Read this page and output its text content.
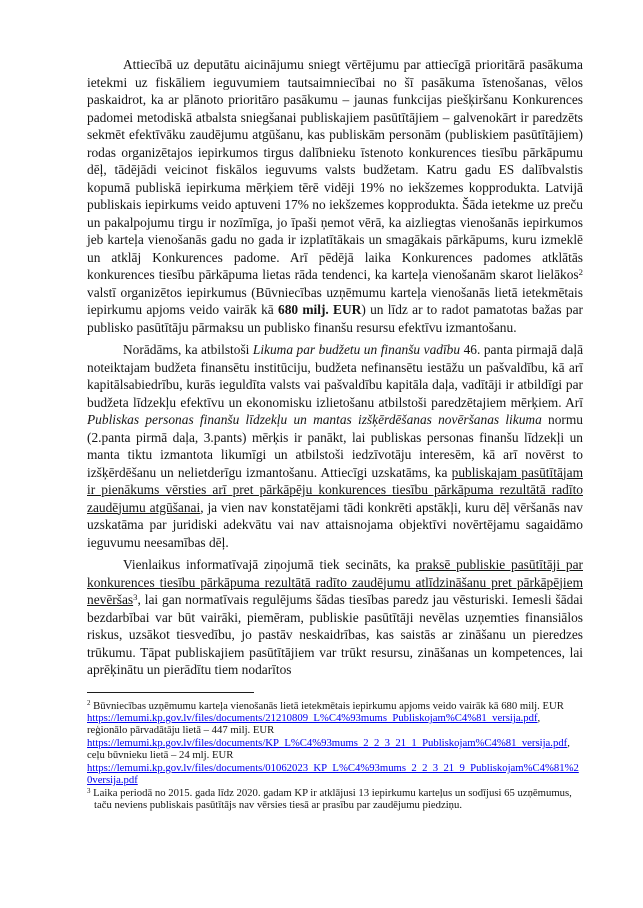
Attiecībā uz deputātu aicinājumu sniegt vērtējumu par attiecīgā prioritārā pasākuma ietekmi uz fiskāliem ieguvumiem tautsaimniecībai no šī pasākuma īstenošanas, vēlos paskaidrot, ka ar plānoto prioritāro pasākumu – jaunas funkcijas piešķiršanu Konkurences padomei metodiskā atbalsta sniegšanai publiskajiem pasūtītājiem – galvenokārt ir paredzēts sekmēt efektīvāku zaudējumu atgūšanu, kas publiskām personām (publiskiem pasūtītājiem) rodas organizētajos iepirkumos tirgus dalībnieku īstenoto konkurences tiesību pārkāpumu dēļ, tādējādi veicinot fiskālos ieguvums valsts budžetam. Katru gadu ES dalībvalstis kopumā publiskā iepirkuma mērķiem tērē vidēji 19% no iekšzemes kopprodukta. Latvijā publiskais iepirkums veido aptuveni 17% no iekšzemes kopprodukta. Šāda ietekme uz preču un pakalpojumu tirgu ir nozīmīga, jo īpaši ņemot vērā, ka aizliegtas vienošanās iepirkumos jeb karteļa vienošanās gadu no gada ir izplatītākais un smagākais pārkāpums, kuru izmeklē un atklāj Konkurences padome. Arī pēdējā laika Konkurences padomes atklātās konkurences tiesību pārkāpuma lietas rāda tendenci, ka karteļa vienošanām skarot lielākos$^2$ valstī organizētos iepirkumus (Būvniecības uzņēmumu karteļa vienošanās lietā ietekmētais iepirkumu apjoms veido vairāk kā 680 milj. EUR) un līdz ar to radot pamatotas bažas par publisko pasūtītāju pārmaksu un publisko finanšu resursu efektīvu izmantošanu.

Norādāms, ka atbilstoši Likuma par budžetu un finanšu vadību 46. panta pirmajā daļā noteiktajam budžeta finansētu institūciju, budžeta nefinansētu iestāžu un pašvaldību, kā arī kapitālsabiedrību, kurās ieguldīta valsts vai pašvaldību kapitāla daļa, vadītāji ir atbildīgi par budžeta līdzekļu efektīvu un ekonomisku izlietošanu atbilstoši paredzētajiem mērķiem. Arī Publiskas personas finanšu līdzekļu un mantas izšķērdēšanas novēršanas likuma normu (2.panta pirmā daļa, 3.pants) mērķis ir panākt, lai publiskas personas finanšu līdzekļi un manta tiktu izmantota likumīgi un atbilstoši iedzīvotāju interesēm, kā arī novērst to izšķērdēšanu un nelietderīgu izmantošanu. Attiecīgi uzskatāms, ka publiskajam pasūtītājam ir pienākums vērsties arī pret pārkāpēju konkurences tiesību pārkāpuma rezultātā radīto zaudējumu atgūšanai, ja vien nav konstatējami tādi konkrēti apstākļi, kuru dēļ vēršanās nav uzskatāma par juridiski adekvātu vai nav attaisnojama objektīvi novērtējamu sagaidāmo ieguvumu neesamības dēļ.

Vienlaikus informatīvajā ziņojumā tiek secināts, ka praksē publiskie pasūtītāji par konkurences tiesību pārkāpuma rezultātā radīto zaudējumu atlīdzināšanu pret pārkāpējiem nevēršas$^3$, lai gan normatīvais regulējums šādas tiesības paredz jau vēsturiski. Iemesli šādai bezdarbībai var būt vairāki, piemēram, publiskie pasūtītāji nevēlas uzņemties finansiālos riskus, uzsākot tiesvedību, jo pastāv neskaidrības, kas saistās ar zināšanu un pieredzes trūkumu. Tāpat publiskajiem pasūtītājiem var trūkt resursu, zināšanas un kompetences, lai aprēķinātu un pierādītu tiem nodarītos

$^2$ Būvniecības uzņēmumu karteļa vienošanās lietā ietekmētais iepirkumu apjoms veido vairāk kā 680 milj. EUR
https://lemumi.kp.gov.lv/files/documents/21210809_L%C4%93mums_Publiskojam%C4%81_versija.pdf,
reģionālo pārvadātāju lietā – 447 milj. EUR
https://lemumi.kp.gov.lv/files/documents/KP_L%C4%93mums_2_2_3_21_1_Publiskojam%C4%81_versija.pdf,
ceļu būvnieku lietā – 24 mlj. EUR
https://lemumi.kp.gov.lv/files/documents/01062023_KP_L%C4%93mums_2_2_3_21_9_Publiskojam%C4%81%20versija.pdf
$^3$ Laika periodā no 2015. gada līdz 2020. gadam KP ir atklājusi 13 iepirkumu karteļus un sodījusi 65 uzņēmumus, taču neviens publiskais pasūtītājs nav vērsies tiesā ar prasību par zaudējumu piedziņu.
